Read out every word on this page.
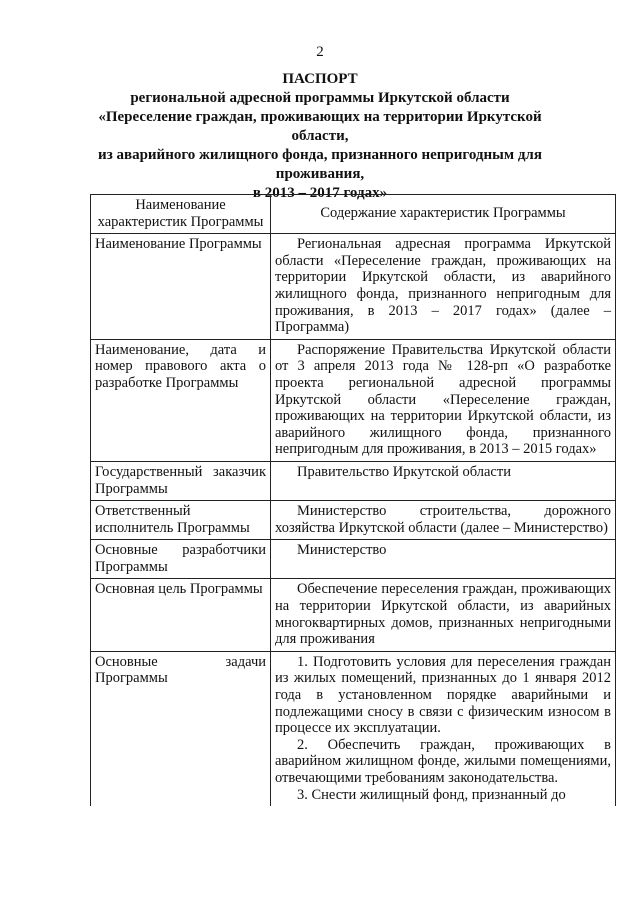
2
ПАСПОРТ
региональной адресной программы Иркутской области
«Переселение граждан, проживающих на территории Иркутской области,
из аварийного жилищного фонда, признанного непригодным для
проживания,
в 2013 – 2017 годах»
Наименование характеристик Программы	Содержание характеристик Программы
Наименование Программы	Региональная адресная программа Иркутской области «Переселение граждан, проживающих на территории Иркутской области, из аварийного жилищного фонда, признанного непригодным для проживания, в 2013 – 2017 годах» (далее – Программа)
Наименование, дата и номер правового акта о разработке Программы	Распоряжение Правительства Иркутской области от 3 апреля 2013 года № 128-рп «О разработке проекта региональной адресной программы Иркутской области «Переселение граждан, проживающих на территории Иркутской области, из аварийного жилищного фонда, признанного непригодным для проживания, в 2013 – 2015 годах»
Государственный заказчик Программы	Правительство Иркутской области
Ответственный исполнитель Программы	Министерство строительства, дорожного хозяйства Иркутской области (далее – Министерство)
Основные разработчики Программы	Министерство
Основная цель Программы	Обеспечение переселения граждан, проживающих на территории Иркутской области, из аварийных многоквартирных домов, признанных непригодными для проживания
Основные задачи Программы	1. Подготовить условия для переселения граждан из жилых помещений, признанных до 1 января 2012 года в установленном порядке аварийными и подлежащими сносу в связи с физическим износом в процессе их эксплуатации.
2. Обеспечить граждан, проживающих в аварийном жилищном фонде, жилыми помещениями, отвечающими требованиям законодательства.
3. Снести жилищный фонд, признанный до
